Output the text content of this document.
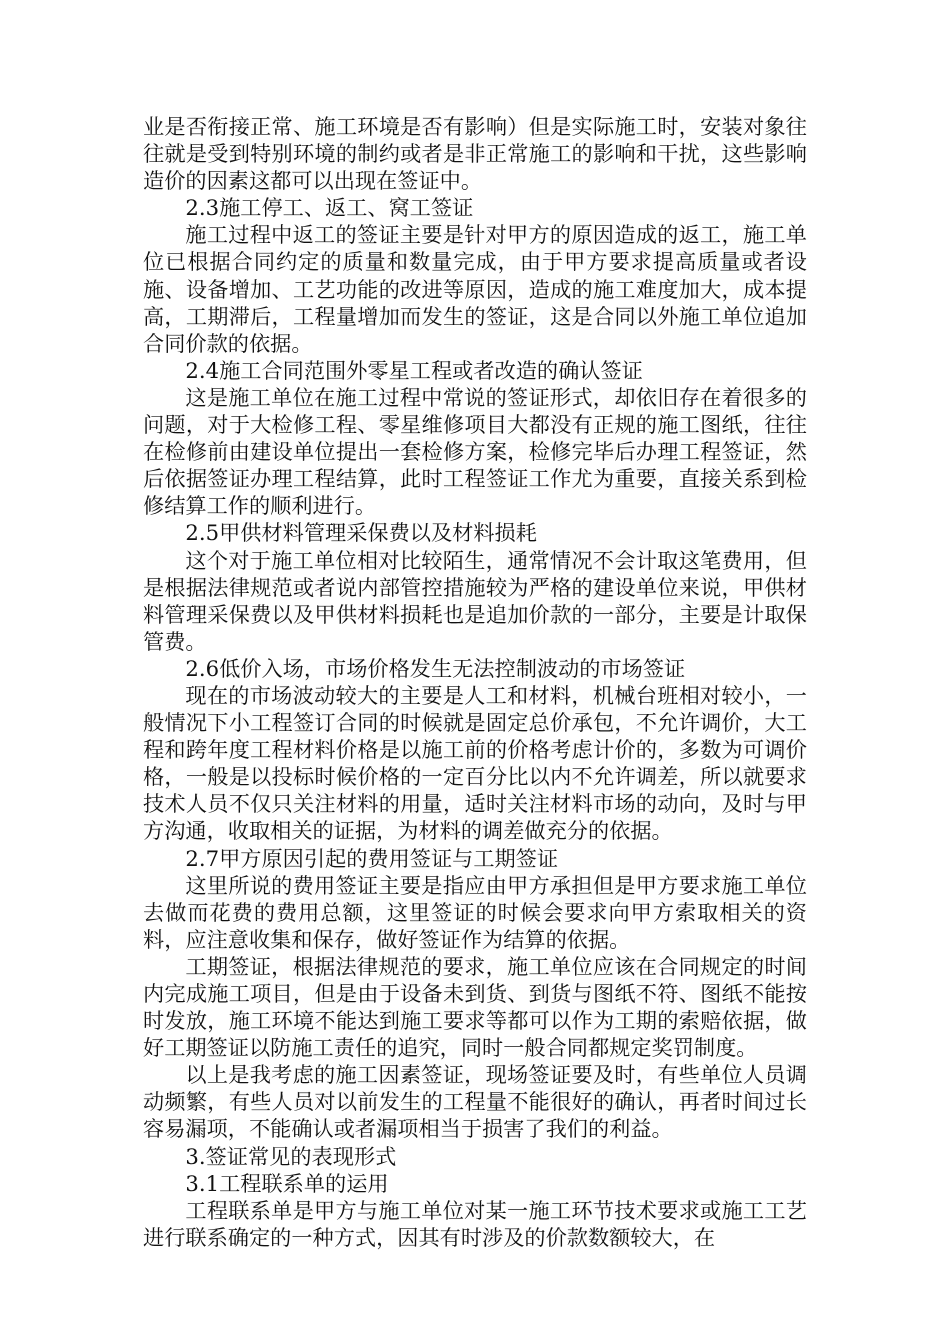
业是否衔接正常、施工环境是否有影响）但是实际施工时，安装对象往往就是受到特别环境的制约或者是非正常施工的影响和干扰，这些影响造价的因素这都可以出现在签证中。

2.3施工停工、返工、窝工签证

施工过程中返工的签证主要是针对甲方的原因造成的返工，施工单位已根据合同约定的质量和数量完成，由于甲方要求提高质量或者设施、设备增加、工艺功能的改进等原因，造成的施工难度加大，成本提高，工期滞后，工程量增加而发生的签证，这是合同以外施工单位追加合同价款的依据。

2.4施工合同范围外零星工程或者改造的确认签证

这是施工单位在施工过程中常说的签证形式，却依旧存在着很多的问题，对于大检修工程、零星维修项目大都没有正规的施工图纸，往往在检修前由建设单位提出一套检修方案，检修完毕后办理工程签证，然后依据签证办理工程结算，此时工程签证工作尤为重要，直接关系到检修结算工作的顺利进行。

2.5甲供材料管理采保费以及材料损耗

这个对于施工单位相对比较陌生，通常情况不会计取这笔费用，但是根据法律规范或者说内部管控措施较为严格的建设单位来说，甲供材料管理采保费以及甲供材料损耗也是追加价款的一部分，主要是计取保管费。

2.6低价入场，市场价格发生无法控制波动的市场签证

现在的市场波动较大的主要是人工和材料，机械台班相对较小，一般情况下小工程签订合同的时候就是固定总价承包，不允许调价，大工程和跨年度工程材料价格是以施工前的价格考虑计价的，多数为可调价格，一般是以投标时候价格的一定百分比以内不允许调差，所以就要求技术人员不仅只关注材料的用量，适时关注材料市场的动向，及时与甲方沟通，收取相关的证据，为材料的调差做充分的依据。

2.7甲方原因引起的费用签证与工期签证

这里所说的费用签证主要是指应由甲方承担但是甲方要求施工单位去做而花费的费用总额，这里签证的时候会要求向甲方索取相关的资料，应注意收集和保存，做好签证作为结算的依据。

工期签证，根据法律规范的要求，施工单位应该在合同规定的时间内完成施工项目，但是由于设备未到货、到货与图纸不符、图纸不能按时发放，施工环境不能达到施工要求等都可以作为工期的索赔依据，做好工期签证以防施工责任的追究，同时一般合同都规定奖罚制度。

以上是我考虑的施工因素签证，现场签证要及时，有些单位人员调动频繁，有些人员对以前发生的工程量不能很好的确认，再者时间过长容易漏项，不能确认或者漏项相当于损害了我们的利益。

3.签证常见的表现形式

3.1工程联系单的运用

工程联系单是甲方与施工单位对某一施工环节技术要求或施工工艺进行联系确定的一种方式，因其有时涉及的价款数额较大，在
